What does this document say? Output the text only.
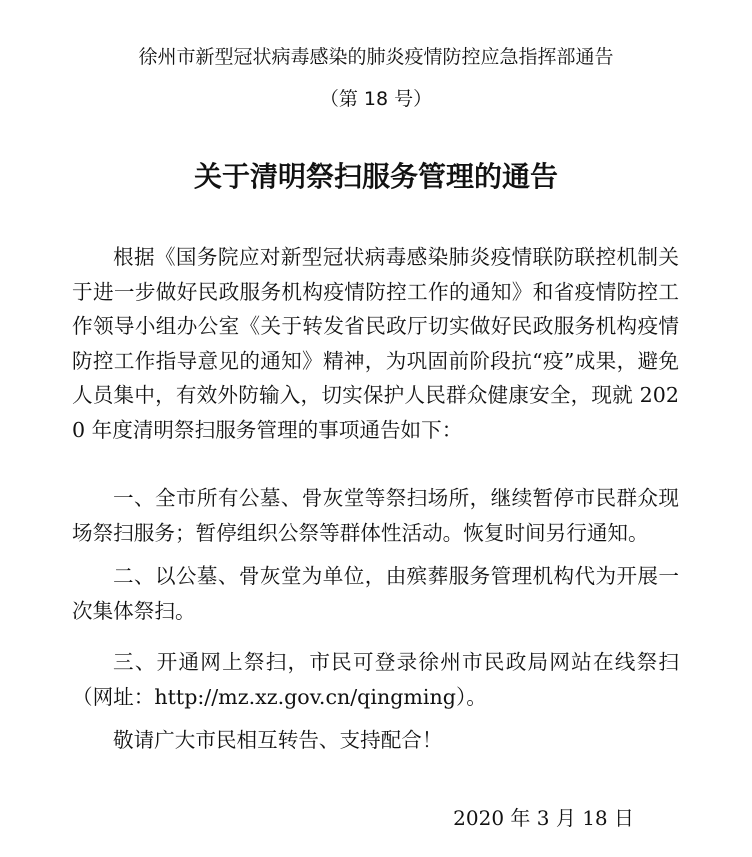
徐州市新型冠状病毒感染的肺炎疫情防控应急指挥部通告
（第 18 号）
关于清明祭扫服务管理的通告

根据《国务院应对新型冠状病毒感染肺炎疫情联防联控机制关于进一步做好民政服务机构疫情防控工作的通知》和省疫情防控工作领导小组办公室《关于转发省民政厅切实做好民政服务机构疫情防控工作指导意见的通知》精神，为巩固前阶段抗“疫”成果，避免人员集中，有效外防输入，切实保护人民群众健康安全，现就 2020 年度清明祭扫服务管理的事项通告如下：

一、全市所有公墓、骨灰堂等祭扫场所，继续暂停市民群众现场祭扫服务；暂停组织公祭等群体性活动。恢复时间另行通知。

二、以公墓、骨灰堂为单位，由殡葬服务管理机构代为开展一次集体祭扫。

三、开通网上祭扫，市民可登录徐州市民政局网站在线祭扫（网址：http://mz.xz.gov.cn/qingming）。

敬请广大市民相互转告、支持配合！

2020 年 3 月 18 日
